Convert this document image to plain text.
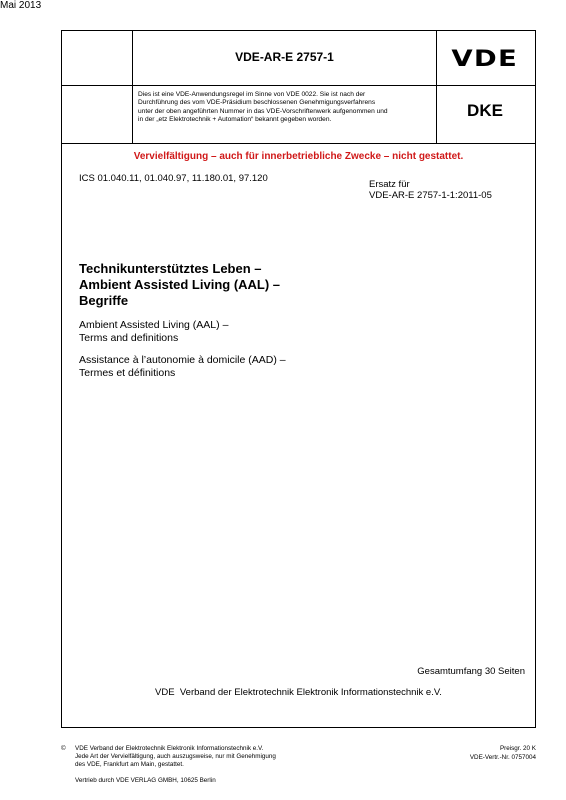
Mai 2013
VDE-AR-E 2757-1	VDE
Dies ist eine VDE-Anwendungsregel im Sinne von VDE 0022. Sie ist nach der
Durchführung des vom VDE-Präsidium beschlossenen Genehmigungsverfahrens
unter der oben angeführten Nummer in das VDE-Vorschriftenwerk aufgenommen und
in der „etz Elektrotechnik + Automation“ bekannt gegeben worden.	DKE
Vervielfältigung – auch für innerbetriebliche Zwecke – nicht gestattet.
ICS 01.040.11, 01.040.97, 11.180.01, 97.120
Ersatz für
VDE-AR-E 2757-1-1:2011-05
Technikunterstütztes Leben –
Ambient Assisted Living (AAL) –
Begriffe
Ambient Assisted Living (AAL) –
Terms and definitions
Assistance à l’autonomie à domicile (AAD) –
Termes et définitions
Gesamtumfang 30 Seiten
VDE  Verband der Elektrotechnik Elektronik Informationstechnik e.V.
© VDE Verband der Elektrotechnik Elektronik Informationstechnik e.V.
Jede Art der Vervielfältigung, auch auszugsweise, nur mit Genehmigung
des VDE, Frankfurt am Main, gestattet.
Vertrieb durch VDE VERLAG GMBH, 10625 Berlin
Preisgr. 20 K
VDE-Vertr.-Nr. 0757004
